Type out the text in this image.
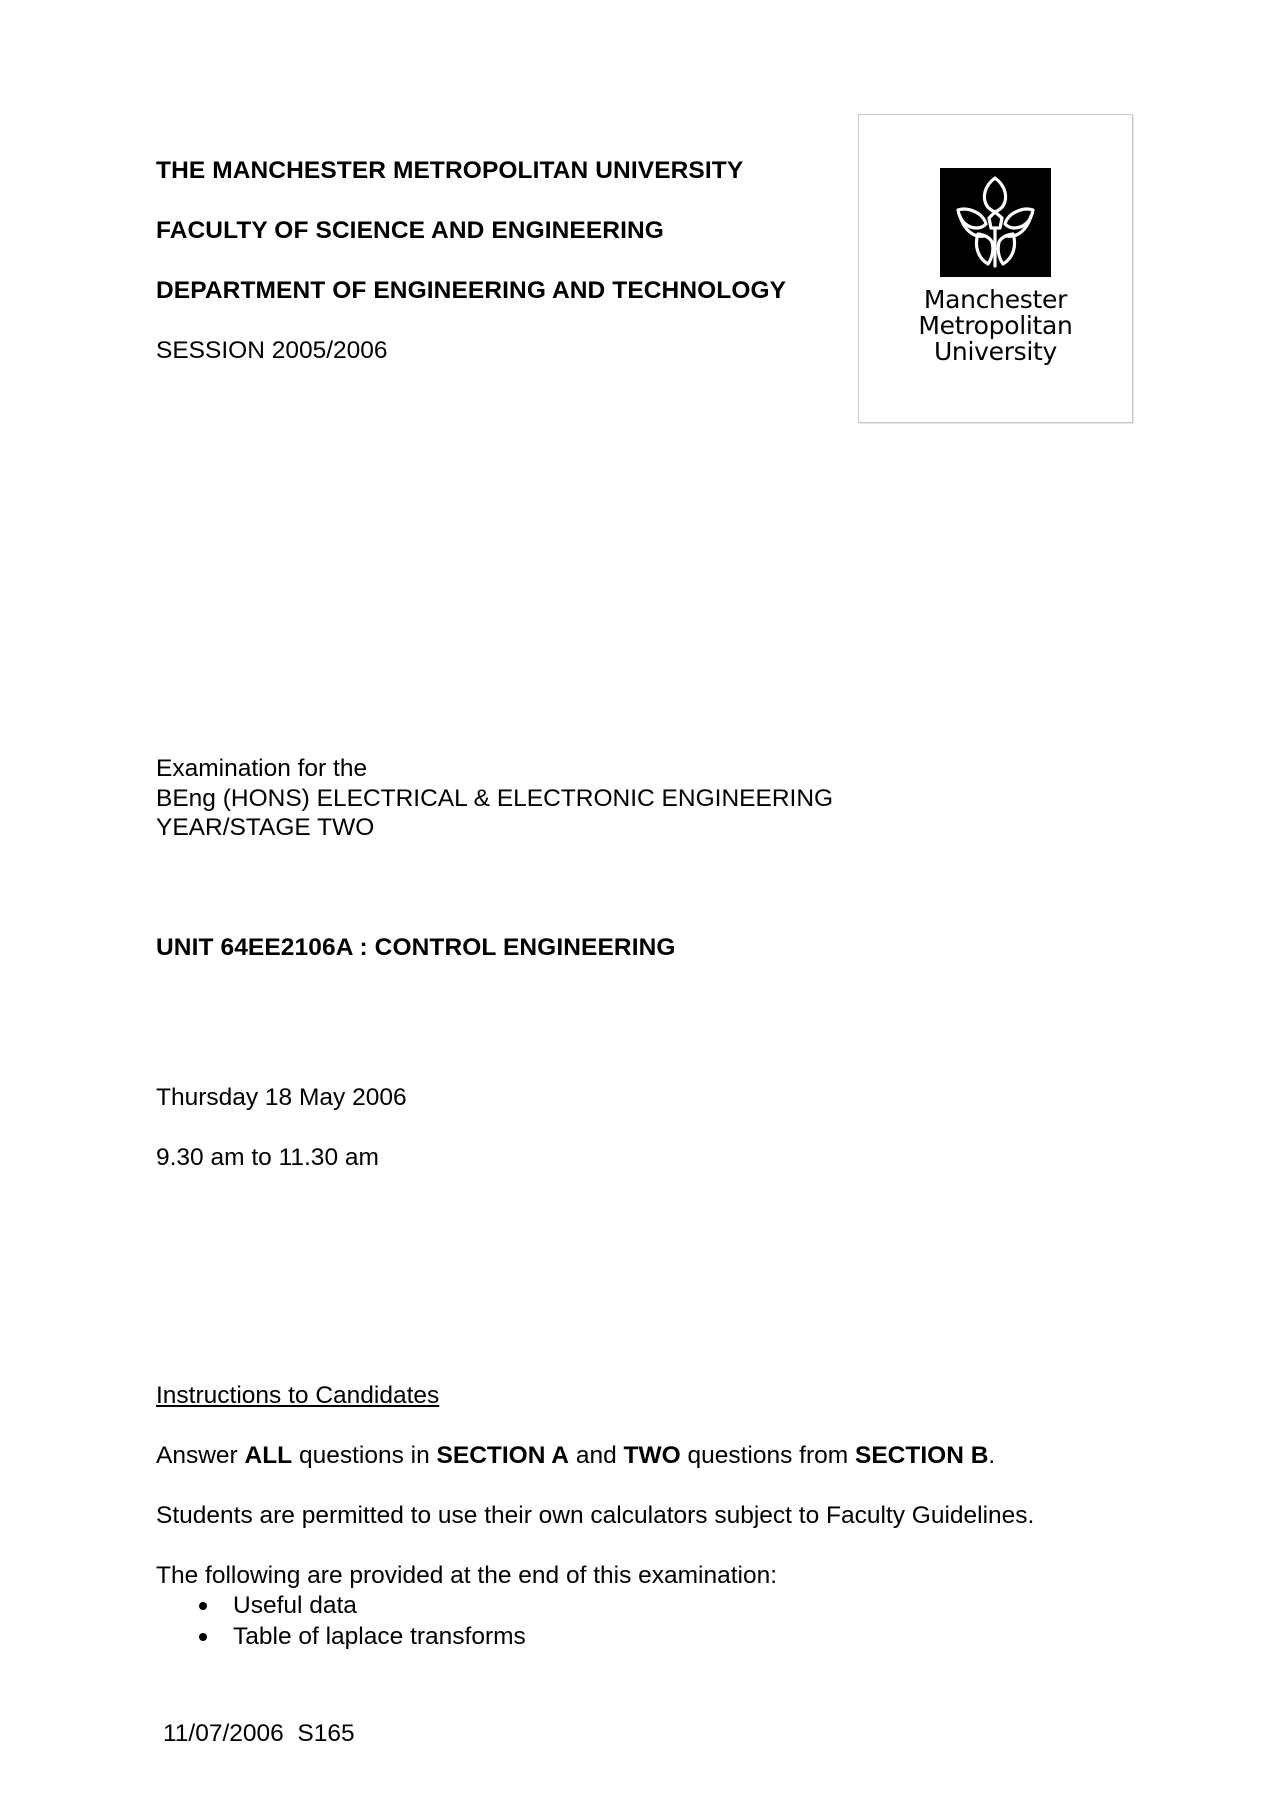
THE MANCHESTER METROPOLITAN UNIVERSITY
FACULTY OF SCIENCE AND ENGINEERING
DEPARTMENT OF ENGINEERING AND TECHNOLOGY
SESSION 2005/2006
Manchester
Metropolitan
University
Examination for the
BEng (HONS) ELECTRICAL & ELECTRONIC ENGINEERING
YEAR/STAGE TWO
UNIT 64EE2106A : CONTROL ENGINEERING
Thursday 18 May 2006
9.30 am to 11.30 am
Instructions to Candidates
Answer ALL questions in SECTION A and TWO questions from SECTION B.
Students are permitted to use their own calculators subject to Faculty Guidelines.
The following are provided at the end of this examination:
Useful data
Table of laplace transforms
11/07/2006  S165
